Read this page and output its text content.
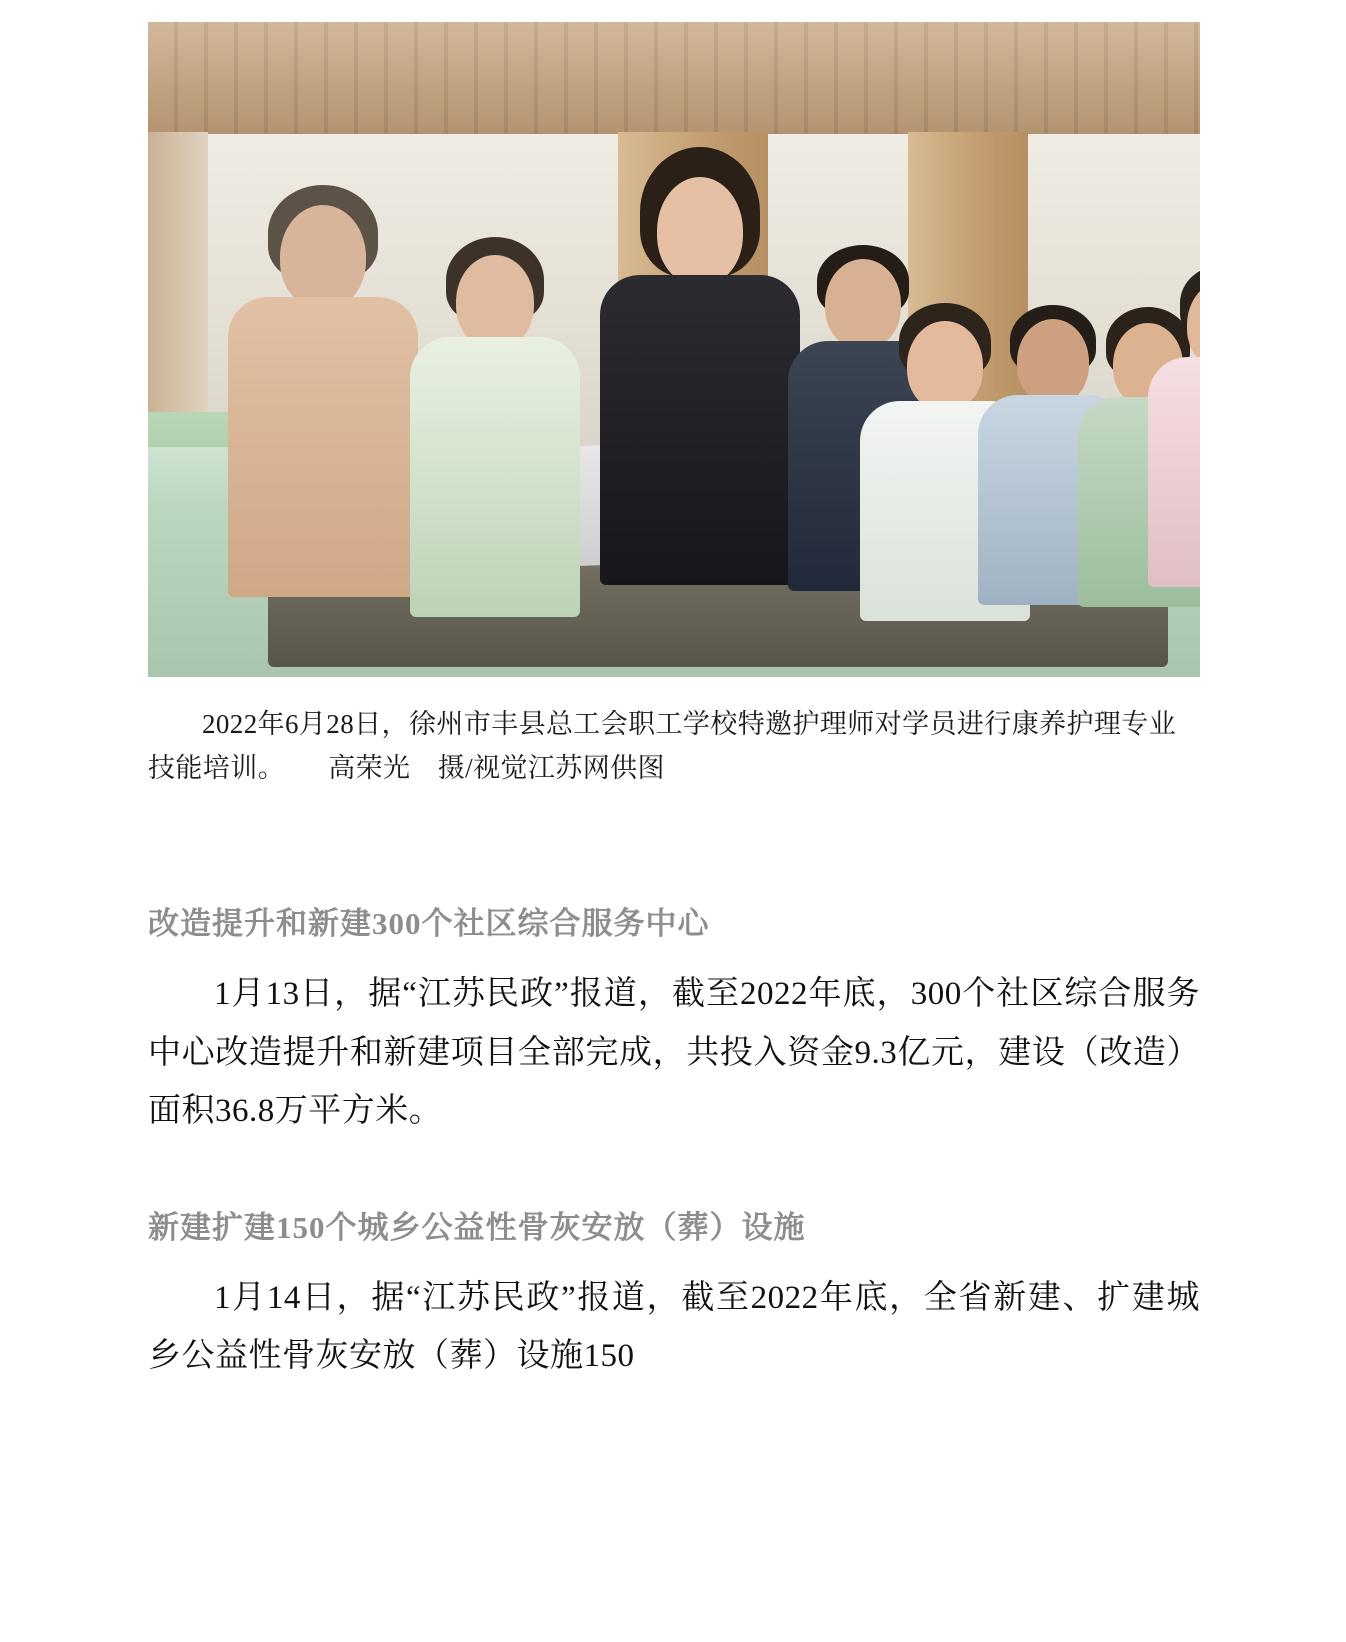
2022年6月28日，徐州市丰县总工会职工学校特邀护理师对学员进行康养护理专业技能培训。 高荣光　摄/视觉江苏网供图
改造提升和新建300个社区综合服务中心

1月13日，据“江苏民政”报道，截至2022年底，300个社区综合服务中心改造提升和新建项目全部完成，共投入资金9.3亿元，建设（改造）面积36.8万平方米。

新建扩建150个城乡公益性骨灰安放（葬）设施

1月14日，据“江苏民政”报道，截至2022年底，全省新建、扩建城乡公益性骨灰安放（葬）设施150
